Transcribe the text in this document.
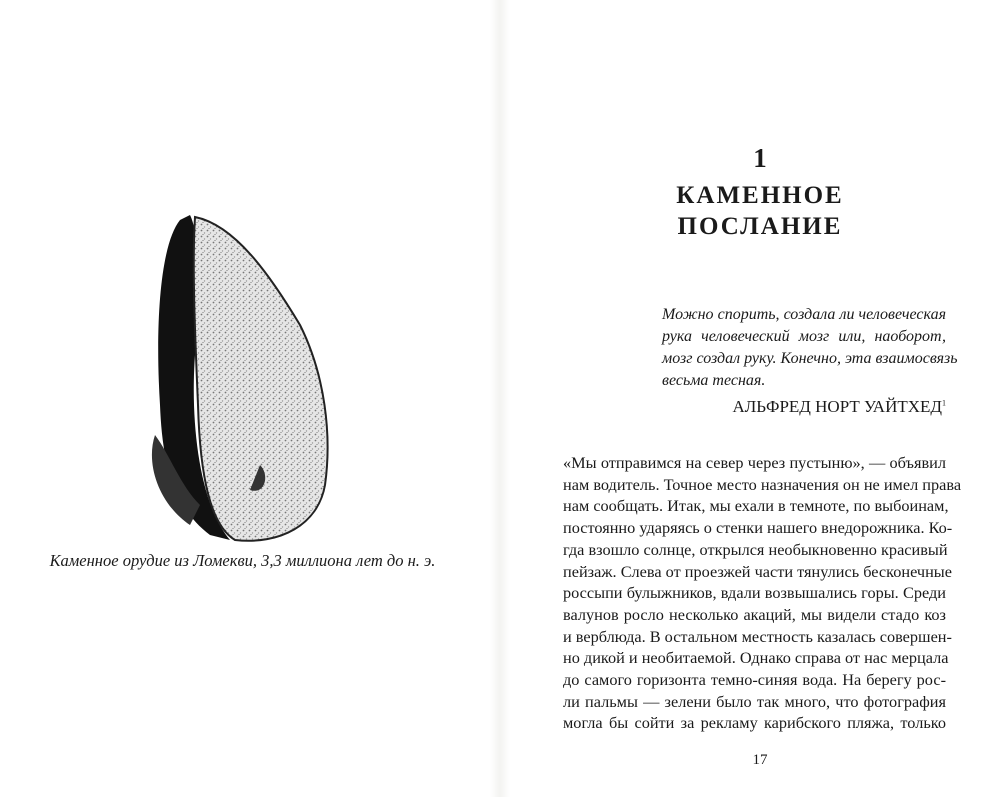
Каменное орудие из Ломекви, 3,3 миллиона лет до н. э.
1
КАМЕННОЕ
ПОСЛАНИЕ
Можно спорить, создала ли человеческая
рука человеческий мозг или, наоборот,
мозг создал руку. Конечно, эта взаимосвязь
весьма тесная.
АЛЬФРЕД НОРТ УАЙТХЕД$^1$
«Мы отправимся на север через пустыню», — объявил
нам водитель. Точное место назначения он не имел права
нам сообщать. Итак, мы ехали в темноте, по выбоинам,
постоянно ударяясь о стенки нашего внедорожника. Ко-
гда взошло солнце, открылся необыкновенно красивый
пейзаж. Слева от проезжей части тянулись бесконечные
россыпи булыжников, вдали возвышались горы. Среди
валунов росло несколько акаций, мы видели стадо коз
и верблюда. В остальном местность казалась совершен-
но дикой и необитаемой. Однако справа от нас мерцала
до самого горизонта темно-синяя вода. На берегу рос-
ли пальмы — зелени было так много, что фотография
могла бы сойти за рекламу карибского пляжа, только
17
